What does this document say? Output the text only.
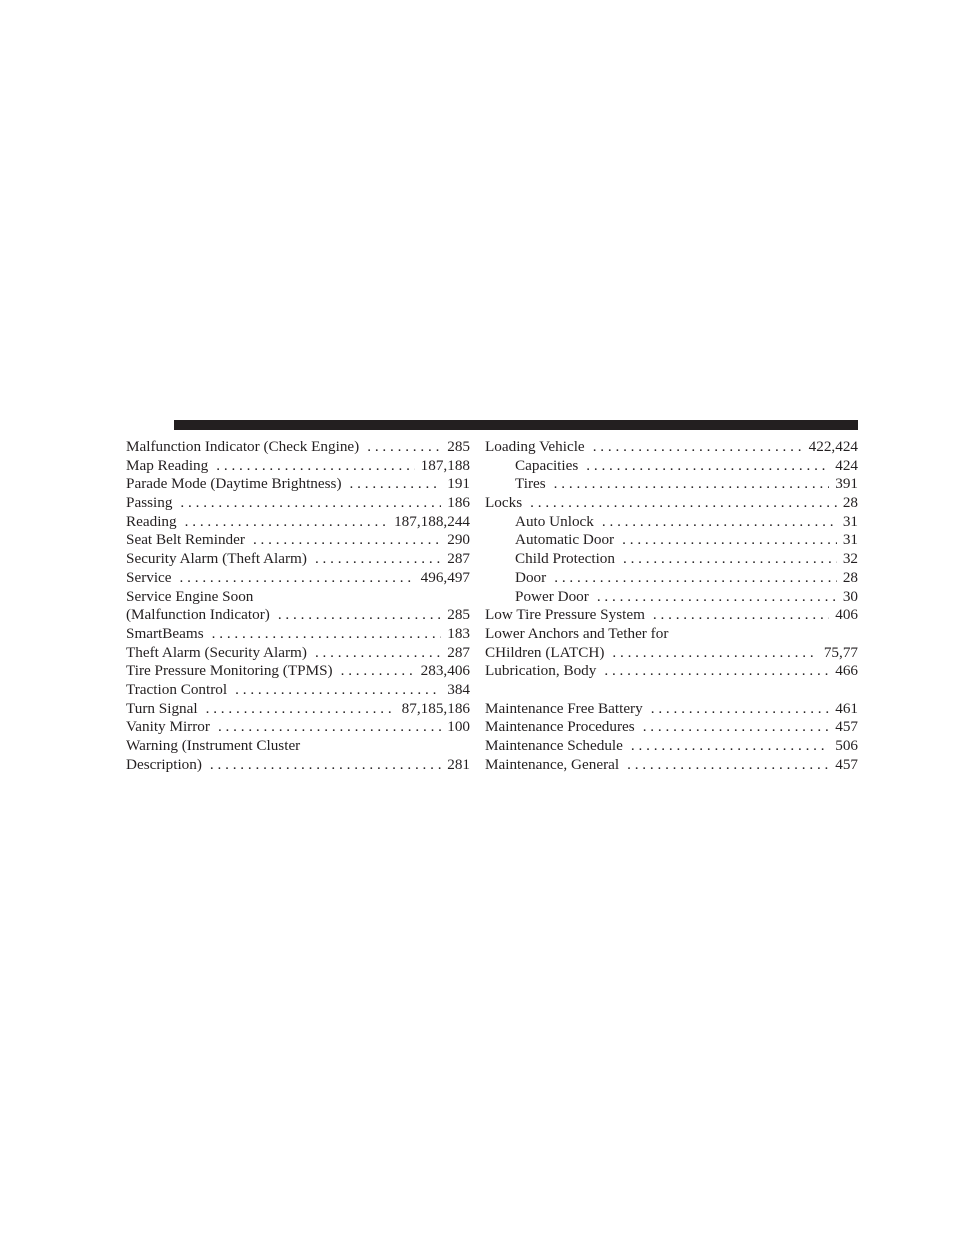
Malfunction Indicator (Check Engine) . . .	285
Map Reading . . .	187,188
Parade Mode (Daytime Brightness) . . .	191
Passing . . .	186
Reading . . .	187,188,244
Seat Belt Reminder . . .	290
Security Alarm (Theft Alarm) . . .	287
Service . . .	496,497
Service Engine Soon
(Malfunction Indicator) . . .	285
SmartBeams . . .	183
Theft Alarm (Security Alarm) . . .	287
Tire Pressure Monitoring (TPMS) . . .	283,406
Traction Control . . .	384
Turn Signal . . .	87,185,186
Vanity Mirror . . .	100
Warning (Instrument Cluster
Description) . . .	281
Loading Vehicle . . .	422,424
Capacities . . .	424
Tires . . .	391
Locks . . .	28
Auto Unlock . . .	31
Automatic Door . . .	31
Child Protection . . .	32
Door . . .	28
Power Door . . .	30
Low Tire Pressure System . . .	406
Lower Anchors and Tether for
CHildren (LATCH) . . .	75,77
Lubrication, Body . . .	466
Maintenance Free Battery . . .	461
Maintenance Procedures . . .	457
Maintenance Schedule . . .	506
Maintenance, General . . .	457
